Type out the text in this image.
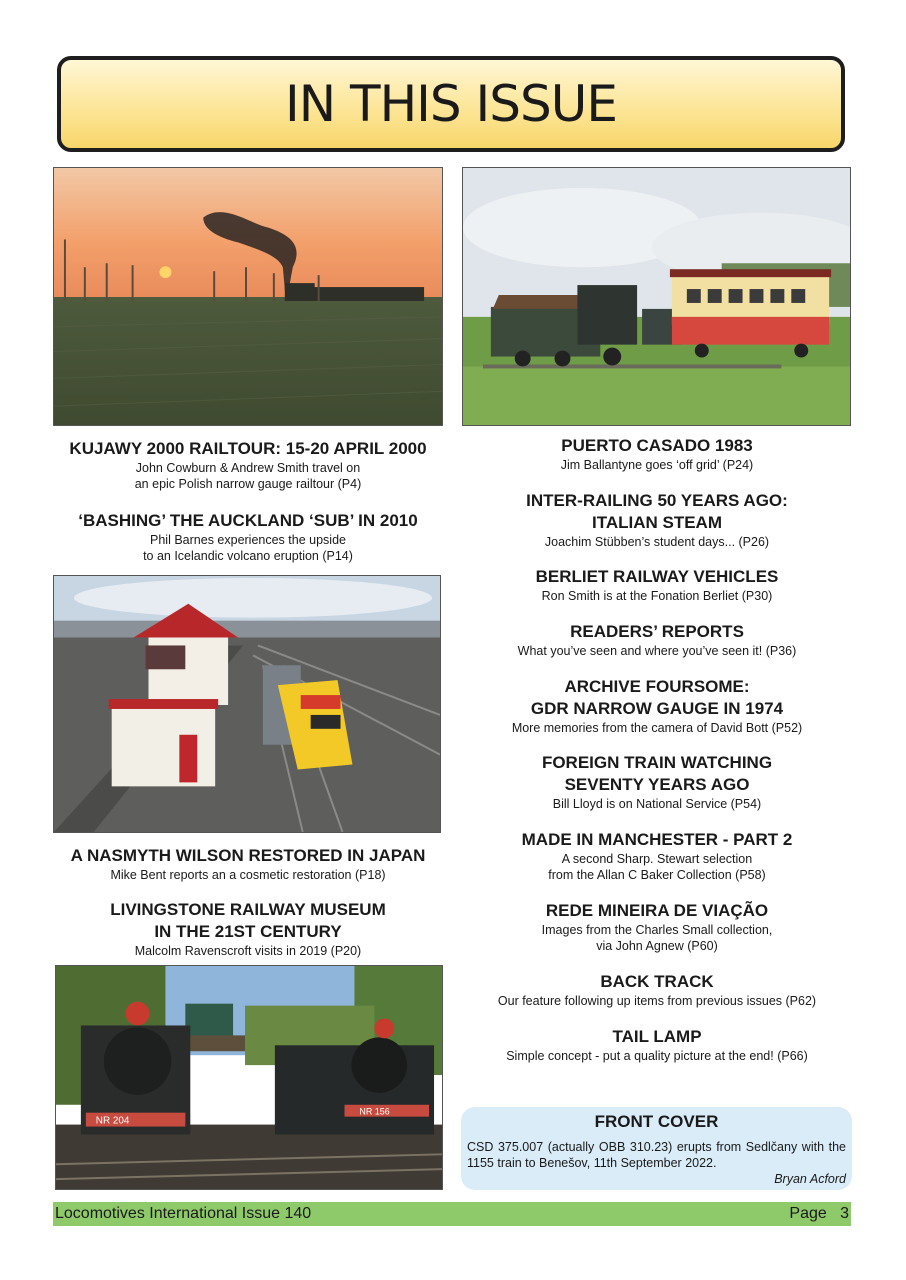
IN THIS ISSUE
KUJAWY 2000 RAILTOUR: 15-20 APRIL 2000
John Cowburn & Andrew Smith travel on
an epic Polish narrow gauge railtour (P4)
‘BASHING’ THE AUCKLAND ‘SUB’ IN 2010
Phil Barnes experiences the upside
to an Icelandic volcano eruption (P14)
A NASMYTH WILSON RESTORED IN JAPAN
Mike Bent reports an a cosmetic restoration (P18)
LIVINGSTONE RAILWAY MUSEUM
IN THE 21ST CENTURY
Malcolm Ravenscroft visits in 2019 (P20)
NR 204
NR 156
PUERTO CASADO 1983
Jim Ballantyne goes ‘off grid’ (P24)
INTER-RAILING 50 YEARS AGO:
ITALIAN STEAM
Joachim Stübben’s student days... (P26)
BERLIET RAILWAY VEHICLES
Ron Smith is at the Fonation Berliet (P30)
READERS’ REPORTS
What you’ve seen and where you’ve seen it! (P36)
ARCHIVE FOURSOME:
GDR NARROW GAUGE IN 1974
More memories from the camera of David Bott (P52)
FOREIGN TRAIN WATCHING
SEVENTY YEARS AGO
Bill Lloyd is on National Service (P54)
MADE IN MANCHESTER - PART 2
A second Sharp. Stewart selection
from the Allan C Baker Collection (P58)
REDE MINEIRA DE VIAÇÃO
Images from the Charles Small collection,
via John Agnew (P60)
BACK TRACK
Our feature following up items from previous issues (P62)
TAIL LAMP
Simple concept - put a quality picture at the end! (P66)
FRONT COVER
CSD 375.007 (actually OBB 310.23) erupts from Sedlčany with the 1155 train to Benešov, 11th September 2022.
Bryan Acford
Locomotives International Issue 140	Page   3
